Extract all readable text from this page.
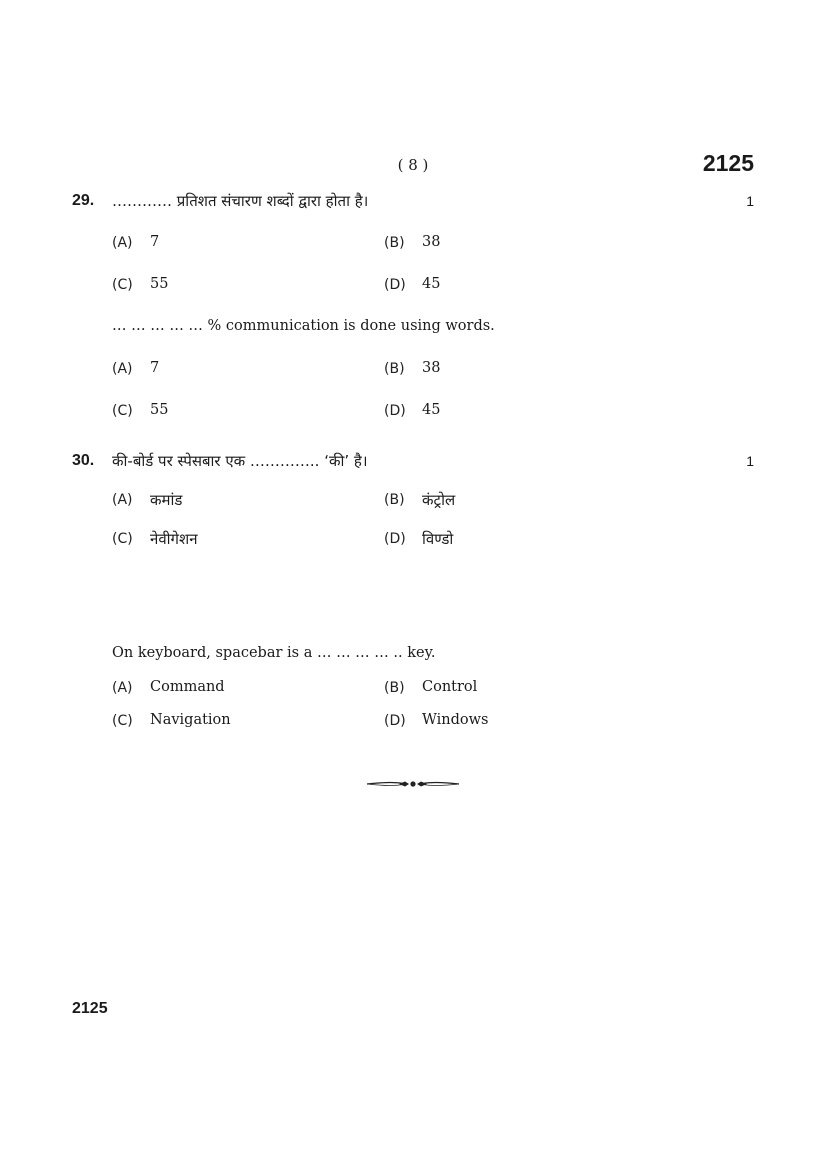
( 8 )	2125
29. ………… प्रतिशत संचारण शब्दों द्वारा होता है।	1
(A) 7	(B) 38
(C) 55	(D) 45
… … … … … % communication is done using words.
(A) 7	(B) 38
(C) 55	(D) 45
30. की-बोर्ड पर स्पेसबार एक ………….. ‘की’ है।	1
(A) कमांड	(B) कंट्रोल
(C) नेवीगेशन	(D) विण्डो
On keyboard, spacebar is a … … … … .. key.
(A) Command	(B) Control
(C) Navigation	(D) Windows
2125
